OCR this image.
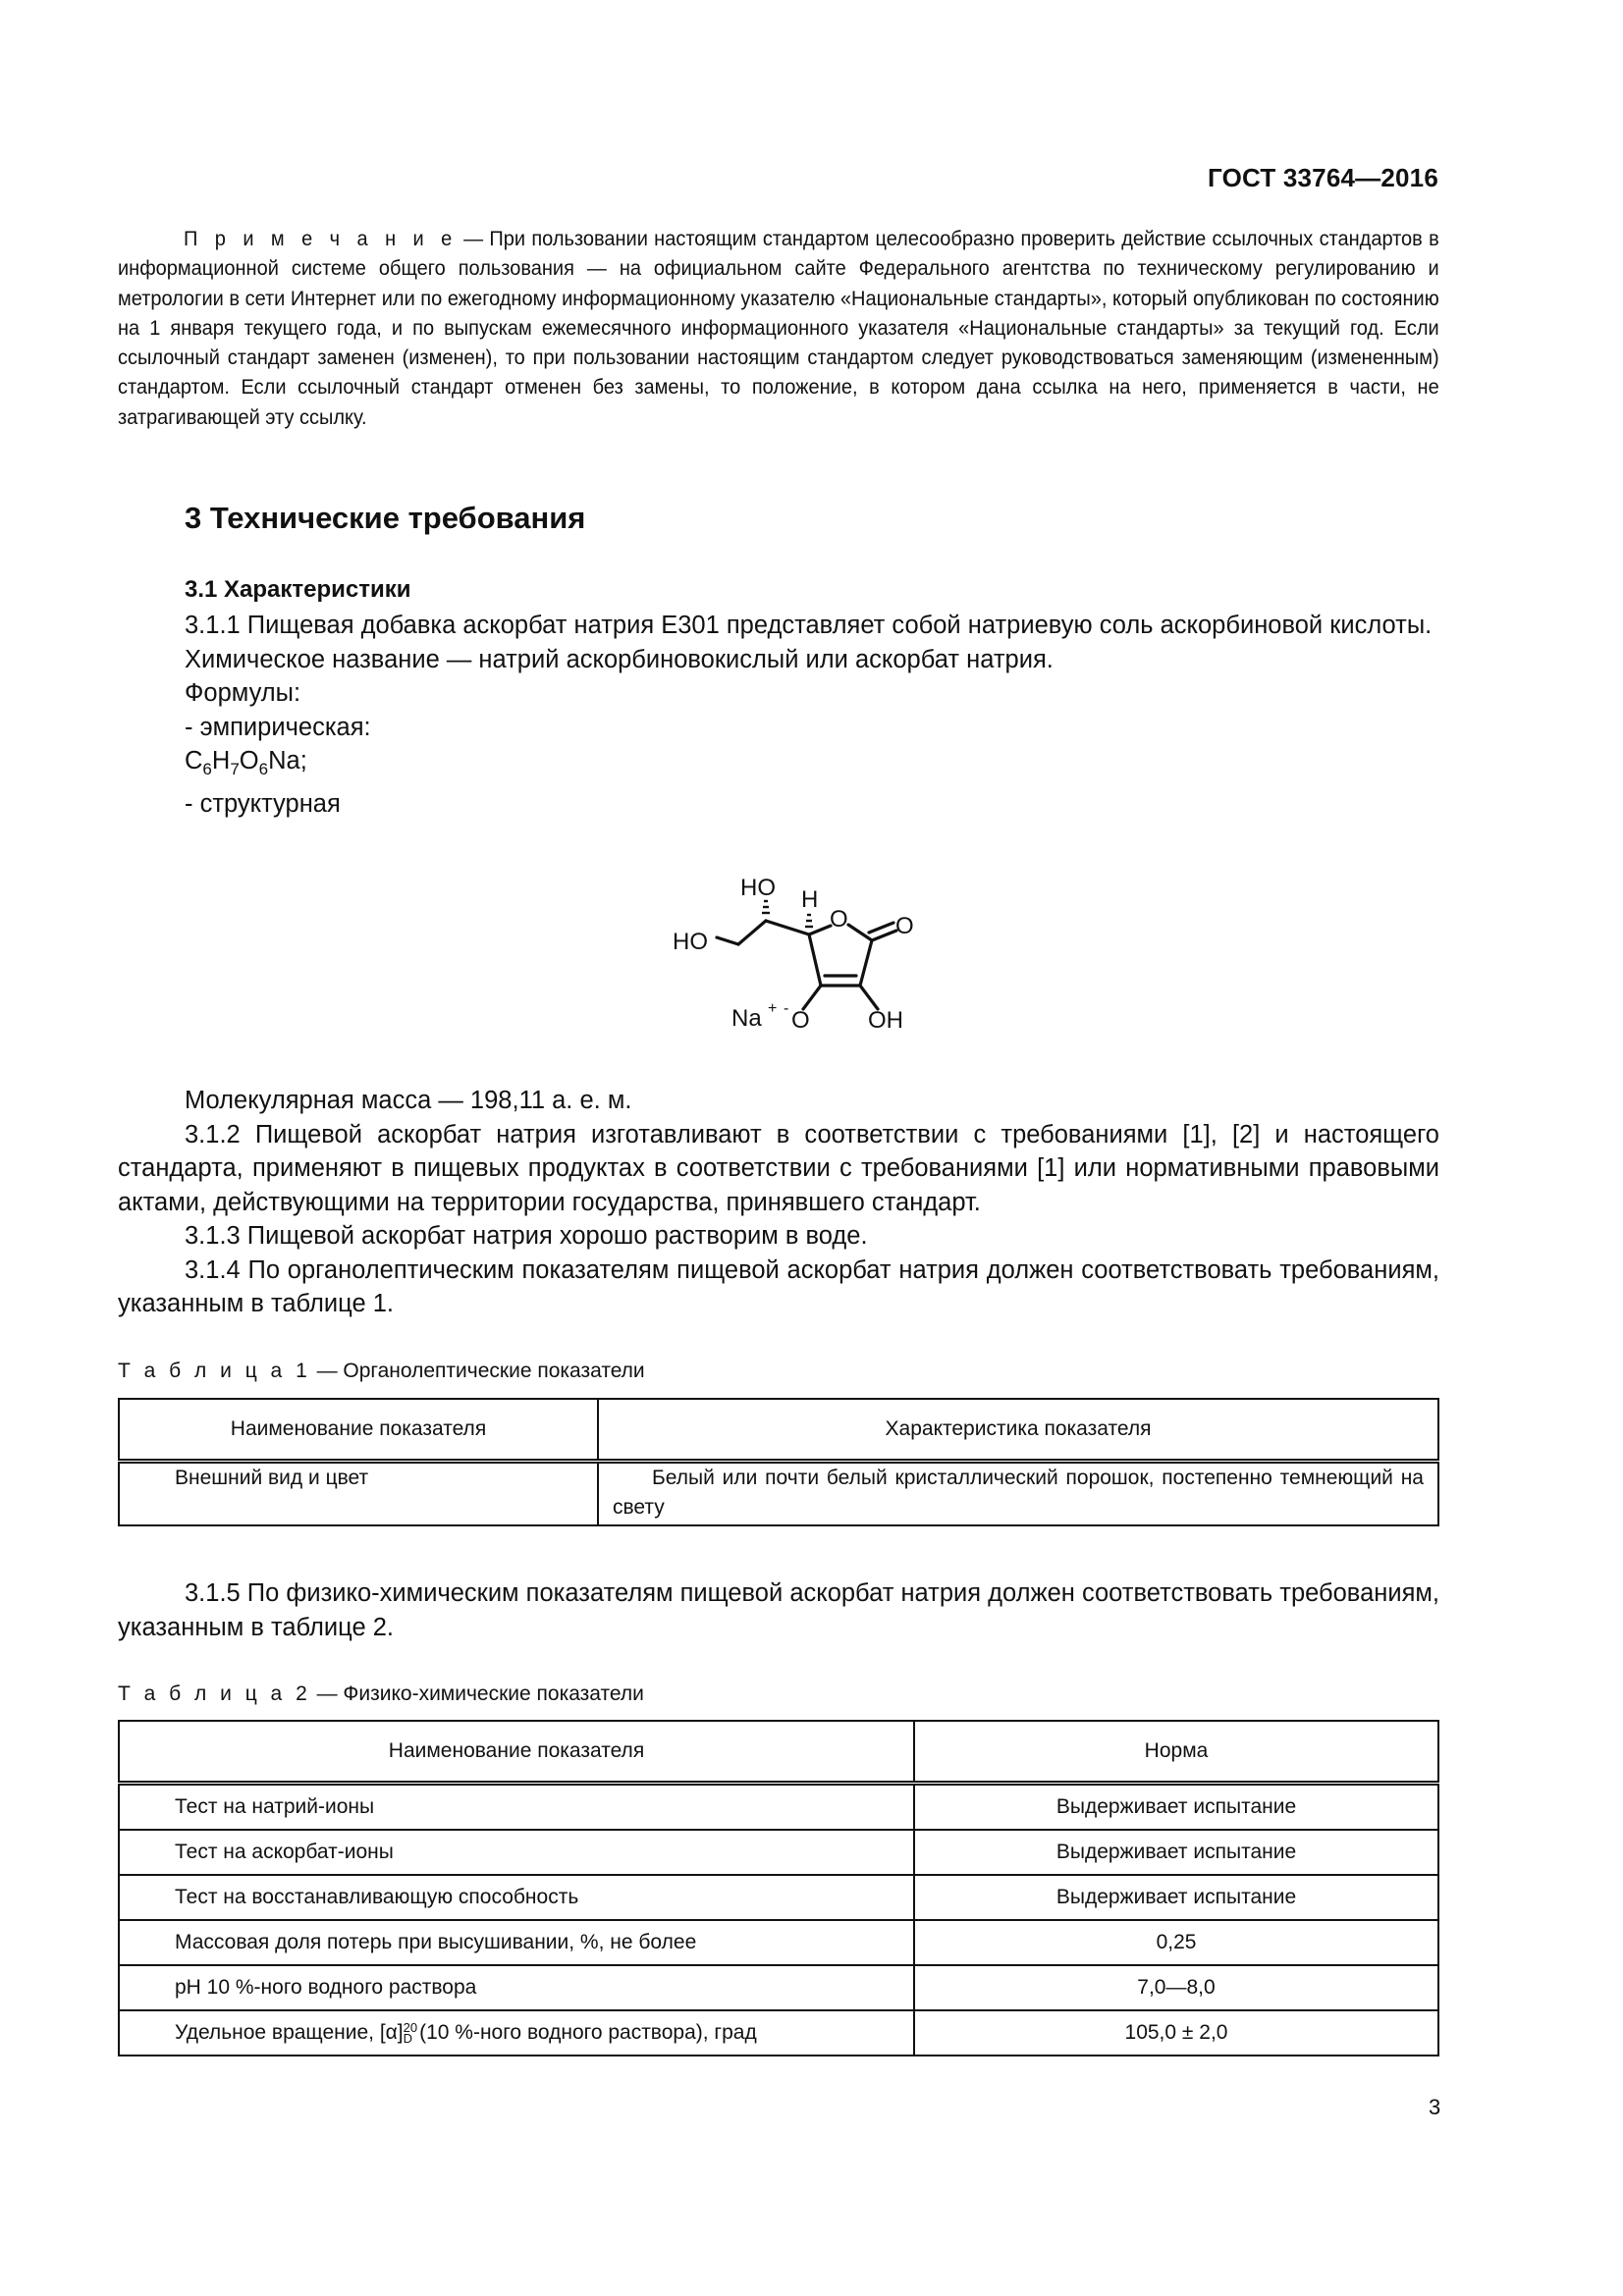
ГОСТ 33764—2016

П р и м е ч а н и е — При пользовании настоящим стандартом целесообразно проверить действие ссылочных стандартов в информационной системе общего пользования — на официальном сайте Федерального агентства по техническому регулированию и метрологии в сети Интернет или по ежегодному информационному указателю «Национальные стандарты», который опубликован по состоянию на 1 января текущего года, и по выпускам ежемесячного информационного указателя «Национальные стандарты» за текущий год. Если ссылочный стандарт заменен (изменен), то при пользовании настоящим стандартом следует руководствоваться заменяющим (измененным) стандартом. Если ссылочный стандарт отменен без замены, то положение, в котором дана ссылка на него, применяется в части, не затрагивающей эту ссылку.

3 Технические требования
3.1 Характеристики

3.1.1 Пищевая добавка аскорбат натрия Е301 представляет собой натриевую соль аскорбиновой кислоты.

Химическое название — натрий аскорбиновокислый или аскорбат натрия.

Формулы:

- эмпирическая:

$C_6H_7O_6Na$;

- структурная

HO H
O O
HO
Na + - O OH

Молекулярная масса — 198,11 а. е. м.

3.1.2 Пищевой аскорбат натрия изготавливают в соответствии с требованиями [1], [2] и настоящего стандарта, применяют в пищевых продуктах в соответствии с требованиями [1] или нормативными правовыми актами, действующими на территории государства, принявшего стандарт.

3.1.3 Пищевой аскорбат натрия хорошо растворим в воде.

3.1.4 По органолептическим показателям пищевой аскорбат натрия должен соответствовать требованиям, указанным в таблице 1.

Т а б л и ц а 1 — Органолептические показатели
Наименование показателя	Характеристика показателя
Внешний вид и цвет	Белый или почти белый кристаллический порошок, постепенно темнеющий на свету

3.1.5 По физико-химическим показателям пищевой аскорбат натрия должен соответствовать требованиям, указанным в таблице 2.

Т а б л и ц а 2 — Физико-химические показатели
Наименование показателя	Норма
Тест на натрий-ионы	Выдерживает испытание
Тест на аскорбат-ионы	Выдерживает испытание
Тест на восстанавливающую способность	Выдерживает испытание
Массовая доля потерь при высушивании, %, не более	0,25
pH 10 %-ного водного раствора	7,0—8,0
Удельное вращение, [α] 20
D (10 %-ного водного раствора), град	105,0 ± 2,0
3
